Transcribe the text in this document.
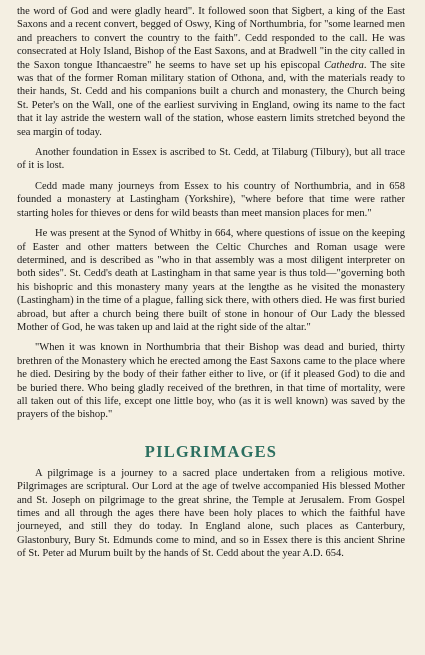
the word of God and were gladly heard". It followed soon that Sigbert, a king of the East Saxons and a recent convert, begged of Oswy, King of Northumbria, for "some learned men and preachers to convert the country to the faith". Cedd responded to the call. He was consecrated at Holy Island, Bishop of the East Saxons, and at Bradwell "in the city called in the Saxon tongue Ithancaestre" he seems to have set up his episcopal Cathedra. The site was that of the former Roman military station of Othona, and, with the materials ready to their hands, St. Cedd and his companions built a church and monastery, the Church being St. Peter's on the Wall, one of the earliest surviving in England, owing its name to the fact that it lay astride the western wall of the station, whose eastern limits stretched beyond the sea margin of today.

Another foundation in Essex is ascribed to St. Cedd, at Tilaburg (Tilbury), but all trace of it is lost.

Cedd made many journeys from Essex to his country of Northumbria, and in 658 founded a monastery at Lastingham (Yorkshire), "where before that time were rather starting holes for thieves or dens for wild beasts than meet mansion places for men."

He was present at the Synod of Whitby in 664, where questions of issue on the keeping of Easter and other matters between the Celtic Churches and Roman usage were determined, and is described as "who in that assembly was a most diligent interpreter on both sides". St. Cedd's death at Lastingham in that same year is thus told—"governing both his bishopric and this monastery many years at the lengthe as he visited the monastery (Lastingham) in the time of a plague, falling sick there, with others died. He was first buried abroad, but after a church being there built of stone in honour of Our Lady the blessed Mother of God, he was taken up and laid at the right side of the altar."

"When it was known in Northumbria that their Bishop was dead and buried, thirty brethren of the Monastery which he erected among the East Saxons came to the place where he died. Desiring by the body of their father either to live, or (if it pleased God) to die and be buried there. Who being gladly received of the brethren, in that time of mortality, were all taken out of this life, except one little boy, who (as it is well known) was saved by the prayers of the bishop."

PILGRIMAGES

A pilgrimage is a journey to a sacred place undertaken from a religious motive. Pilgrimages are scriptural. Our Lord at the age of twelve accompanied His blessed Mother and St. Joseph on pilgrimage to the great shrine, the Temple at Jerusalem. From Gospel times and all through the ages there have been holy places to which the faithful have journeyed, and still they do today. In England alone, such places as Canterbury, Glastonbury, Bury St. Edmunds come to mind, and so in Essex there is this ancient Shrine of St. Peter ad Murum built by the hands of St. Cedd about the year A.D. 654.
